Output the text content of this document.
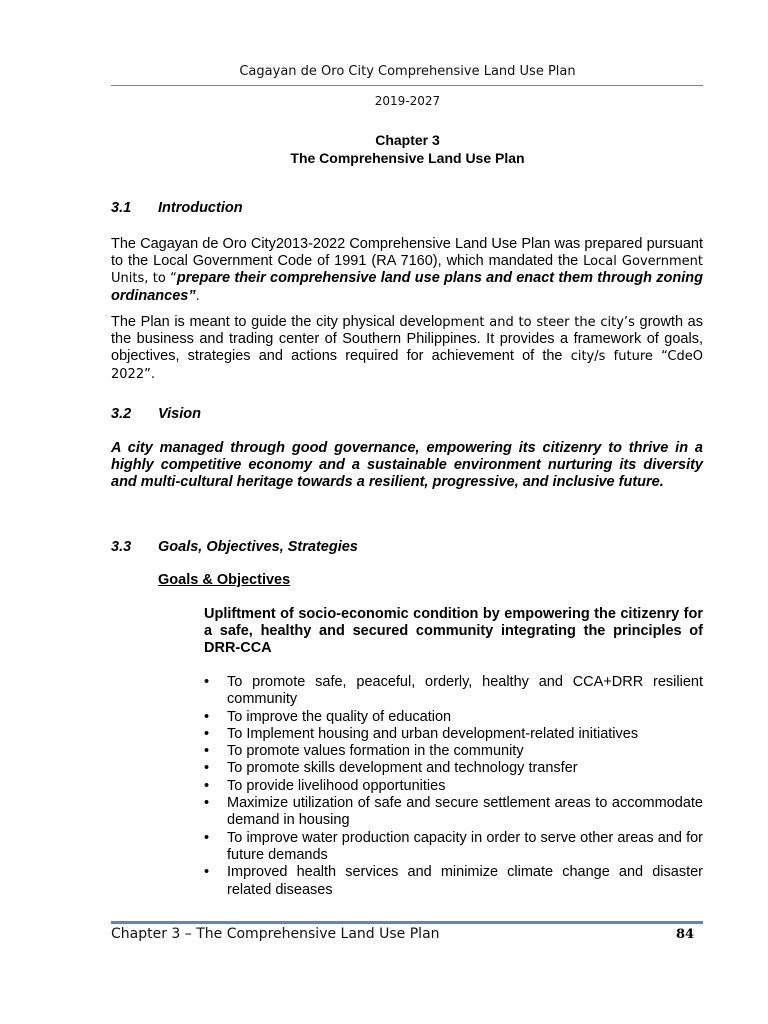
Cagayan de Oro City Comprehensive Land Use Plan
2019-2027
Chapter 3
The Comprehensive Land Use Plan
3.1 Introduction
The Cagayan de Oro City2013-2022 Comprehensive Land Use Plan was prepared pursuant to the Local Government Code of 1991 (RA 7160), which mandated the Local Government Units, to “prepare their comprehensive land use plans and enact them through zoning ordinances”.
The Plan is meant to guide the city physical development and to steer the city’s growth as the business and trading center of Southern Philippines. It provides a framework of goals, objectives, strategies and actions required for achievement of the city/s future “CdeO 2022”.
3.2 Vision
A city managed through good governance, empowering its citizenry to thrive in a highly competitive economy and a sustainable environment nurturing its diversity and multi-cultural heritage towards a resilient, progressive, and inclusive future.
3.3 Goals, Objectives, Strategies
Goals & Objectives
Upliftment of socio-economic condition by empowering the citizenry for a safe, healthy and secured community integrating the principles of DRR-CCA
• To promote safe, peaceful, orderly, healthy and CCA+DRR resilient community
• To improve the quality of education
• To Implement housing and urban development-related initiatives
• To promote values formation in the community
• To promote skills development and technology transfer
• To provide livelihood opportunities
• Maximize utilization of safe and secure settlement areas to accommodate demand in housing
• To improve water production capacity in order to serve other areas and for future demands
• Improved health services and minimize climate change and disaster related diseases
Chapter 3 – The Comprehensive Land Use Plan	84
